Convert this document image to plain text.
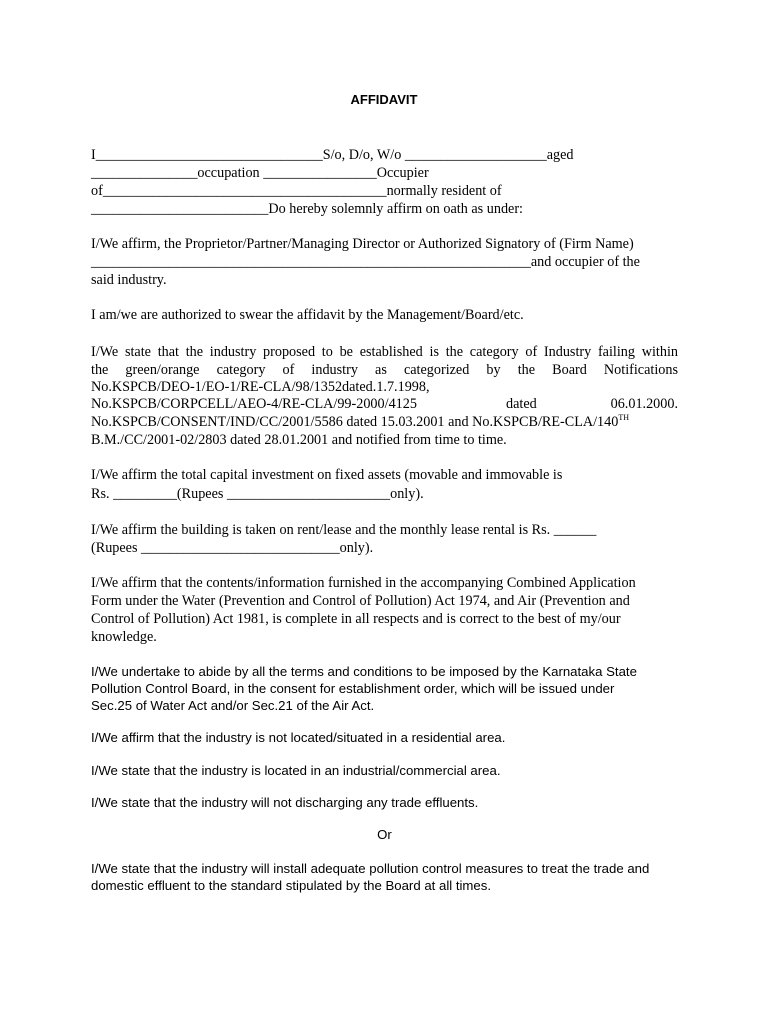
AFFIDAVIT
I________________________________S/o, D/o, W/o ____________________aged
_______________occupation ________________Occupier
of________________________________________normally resident of
_________________________Do hereby solemnly affirm on oath as under:
I/We affirm, the Proprietor/Partner/Managing Director or Authorized Signatory of (Firm Name)
______________________________________________________________and occupier of the
said industry.
I am/we are authorized to swear the affidavit by the Management/Board/etc.
I/We state that the industry proposed to be established is the category of Industry failing within
the green/orange category of industry as categorized by the Board Notifications
No.KSPCB/DEO-1/EO-1/RE-CLA/98/1352dated.1.7.1998,
No.KSPCB/CORPCELL/AEO-4/RE-CLA/99-2000/4125	dated	06.01.2000.
No.KSPCB/CONSENT/IND/CC/2001/5586 dated 15.03.2001 and No.KSPCB/RE-CLA/140TH
B.M./CC/2001-02/2803 dated 28.01.2001 and notified from time to time.
I/We affirm the total capital investment on fixed assets (movable and immovable is
Rs. _________(Rupees _______________________only).
I/We affirm the building is taken on rent/lease and the monthly lease rental is Rs. ______
(Rupees ____________________________only).
I/We affirm that the contents/information furnished in the accompanying Combined Application
Form under the Water (Prevention and Control of Pollution) Act 1974, and Air (Prevention and
Control of Pollution) Act 1981, is complete in all respects and is correct to the best of my/our
knowledge.
I/We undertake to abide by all the terms and conditions to be imposed by the Karnataka State
Pollution Control Board, in the consent for establishment order, which will be issued under
Sec.25 of Water Act and/or Sec.21 of the Air Act.
I/We affirm that the industry is not located/situated in a residential area.
I/We state that the industry is located in an industrial/commercial area.
I/We state that the industry will not discharging any trade effluents.
Or
I/We state that the industry will install adequate pollution control measures to treat the trade and
domestic effluent to the standard stipulated by the Board at all times.
